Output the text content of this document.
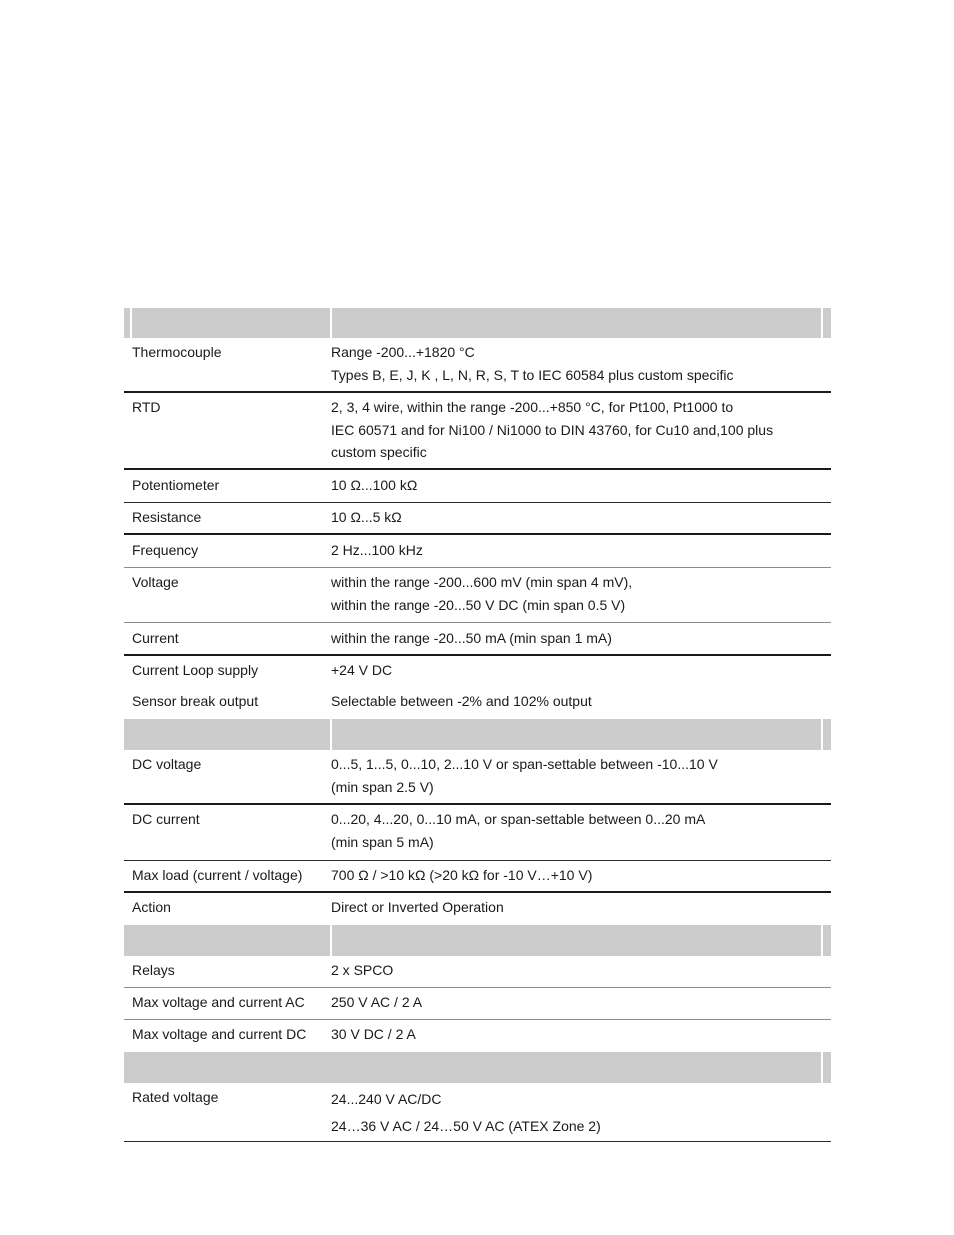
Thermocouple	Range -200...+1820 °C
Types B, E, J, K , L, N, R, S, T to IEC 60584 plus custom specific
RTD	2, 3, 4 wire, within the range -200...+850 °C, for Pt100, Pt1000 to
IEC 60571 and for Ni100 / Ni1000 to DIN 43760, for Cu10 and,100 plus
custom specific
Potentiometer	10 Ω...100 kΩ
Resistance	10 Ω...5 kΩ
Frequency	2 Hz...100 kHz
Voltage	within the range -200...600 mV (min span 4 mV),
within the range -20...50 V DC (min span 0.5 V)
Current	within the range -20...50 mA (min span 1 mA)
Current Loop supply	+24 V DC
Sensor break output	Selectable between -2% and 102% output
DC voltage	0...5, 1...5, 0...10, 2...10 V or span-settable between -10...10 V
(min span 2.5 V)
DC current	0...20, 4...20, 0...10 mA, or span-settable between 0...20 mA
(min span 5 mA)
Max load (current / voltage)	700 Ω / >10 kΩ (>20 kΩ for -10 V…+10 V)
Action	Direct or Inverted Operation
Relays	2 x SPCO
Max voltage and current AC	250 V AC / 2 A
Max voltage and current DC	30 V DC / 2 A
Rated voltage	24...240 V AC/DC
24…36 V AC / 24…50 V AC (ATEX Zone 2)
